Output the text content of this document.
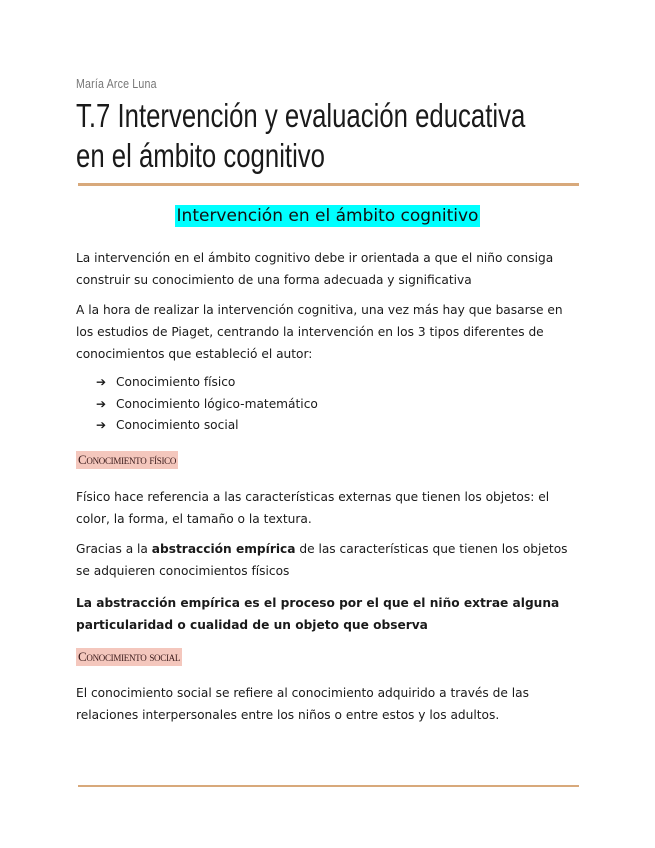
María Arce Luna
T.7 Intervención y evaluación educativa en el ámbito cognitivo
Intervención en el ámbito cognitivo

La intervención en el ámbito cognitivo debe ir orientada a que el niño consiga construir su conocimiento de una forma adecuada y significativa

A la hora de realizar la intervención cognitiva, una vez más hay que basarse en los estudios de Piaget, centrando la intervención en los 3 tipos diferentes de conocimientos que estableció el autor:

➔ Conocimiento físico
➔ Conocimiento lógico-matemático
➔ Conocimiento social
Conocimiento físico

Físico hace referencia a las características externas que tienen los objetos: el color, la forma, el tamaño o la textura.

Gracias a la abstracción empírica de las características que tienen los objetos se adquieren conocimientos físicos

La abstracción empírica es el proceso por el que el niño extrae alguna particularidad o cualidad de un objeto que observa

Conocimiento social

El conocimiento social se refiere al conocimiento adquirido a través de las relaciones interpersonales entre los niños o entre estos y los adultos.
